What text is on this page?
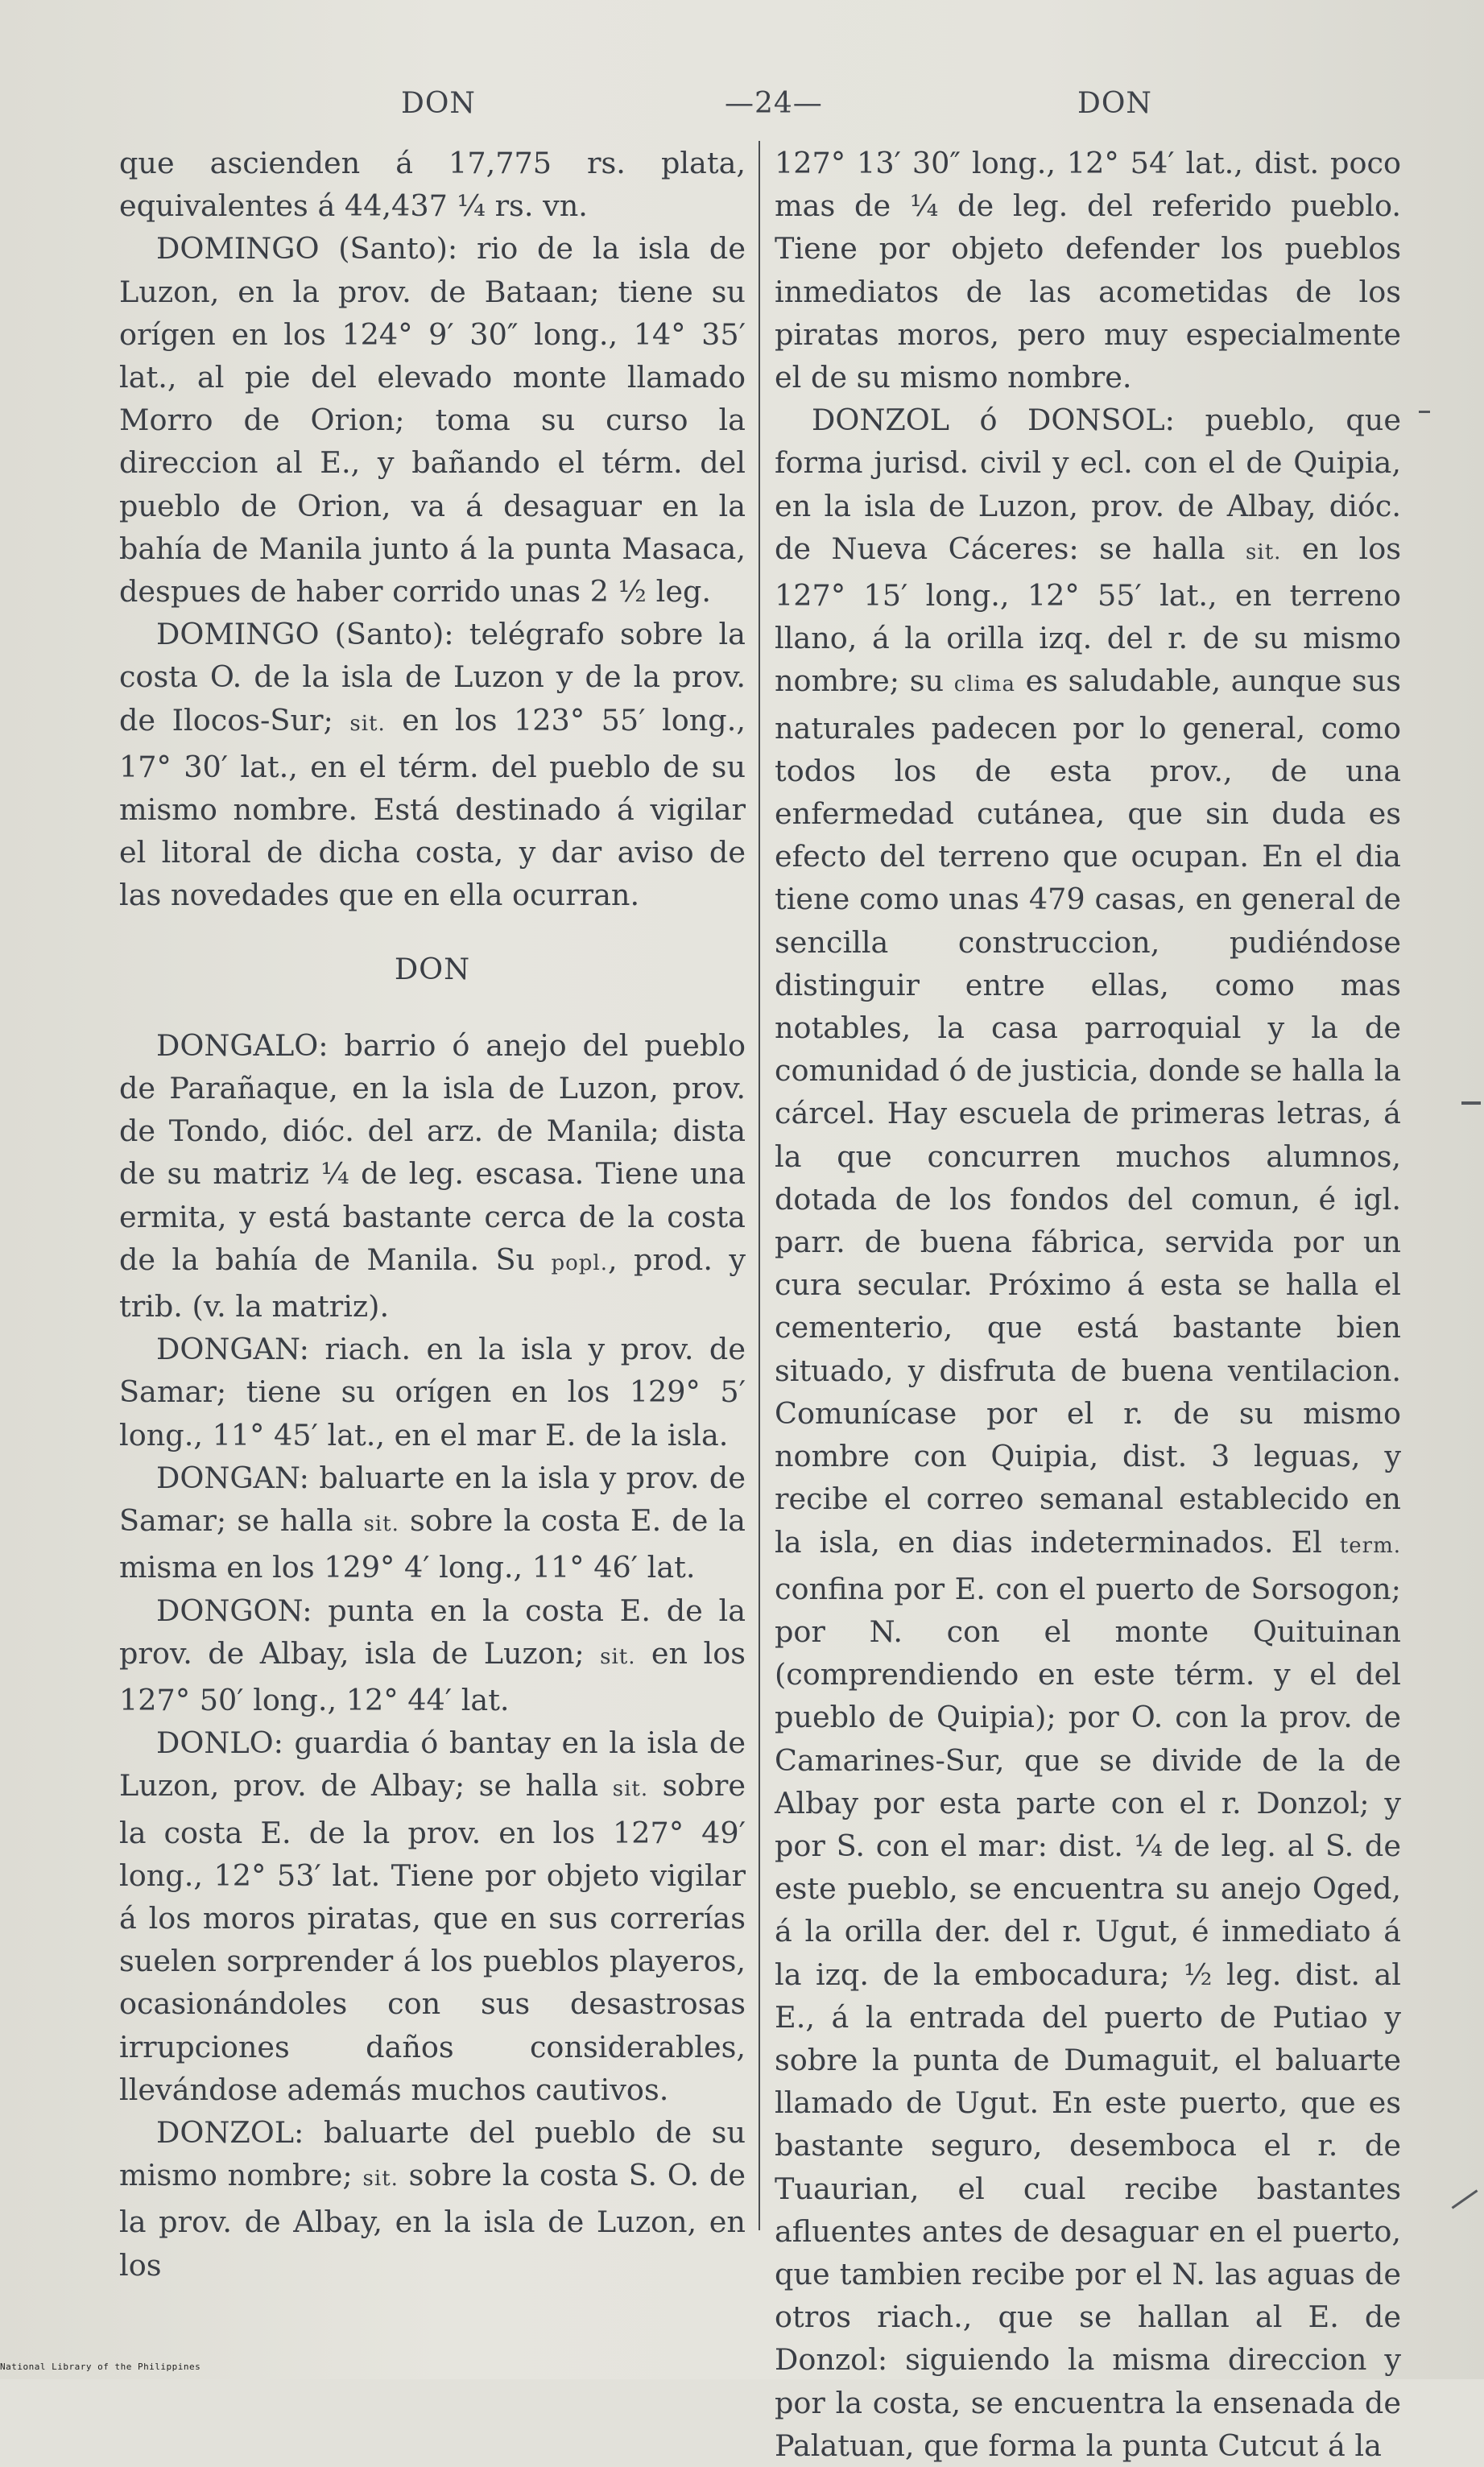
DON	—24—	DON

que ascienden á 17,775 rs. plata, equivalentes á 44,437 ¼ rs. vn.

DOMINGO (Santo): rio de la isla de Luzon, en la prov. de Bataan; tiene su orígen en los 124° 9′ 30″ long., 14° 35′ lat., al pie del elevado monte llamado Morro de Orion; toma su curso la direccion al E., y bañando el térm. del pueblo de Orion, va á desaguar en la bahía de Manila junto á la punta Masaca, despues de haber corrido unas 2 ½ leg.

DOMINGO (Santo): telégrafo sobre la costa O. de la isla de Luzon y de la prov. de Ilocos-Sur; sit. en los 123° 55′ long., 17° 30′ lat., en el térm. del pueblo de su mismo nombre. Está destinado á vigilar el litoral de dicha costa, y dar aviso de las novedades que en ella ocurran.

DON

DONGALO: barrio ó anejo del pueblo de Parañaque, en la isla de Luzon, prov. de Tondo, dióc. del arz. de Manila; dista de su matriz ¼ de leg. escasa. Tiene una ermita, y está bastante cerca de la costa de la bahía de Manila. Su popl., prod. y trib. (v. la matriz).

DONGAN: riach. en la isla y prov. de Samar; tiene su orígen en los 129° 5′ long., 11° 45′ lat., en el mar E. de la isla.

DONGAN: baluarte en la isla y prov. de Samar; se halla sit. sobre la costa E. de la misma en los 129° 4′ long., 11° 46′ lat.

DONGON: punta en la costa E. de la prov. de Albay, isla de Luzon; sit. en los 127° 50′ long., 12° 44′ lat.

DONLO: guardia ó bantay en la isla de Luzon, prov. de Albay; se halla sit. sobre la costa E. de la prov. en los 127° 49′ long., 12° 53′ lat. Tiene por objeto vigilar á los moros piratas, que en sus correrías suelen sorprender á los pueblos playeros, ocasionándoles con sus desastrosas irrupciones daños considerables, llevándose además muchos cautivos.

DONZOL: baluarte del pueblo de su mismo nombre; sit. sobre la costa S. O. de la prov. de Albay, en la isla de Luzon, en los

127° 13′ 30″ long., 12° 54′ lat., dist. poco mas de ¼ de leg. del referido pueblo. Tiene por objeto defender los pueblos inmediatos de las acometidas de los piratas moros, pero muy especialmente el de su mismo nombre.

DONZOL ó DONSOL: pueblo, que forma jurisd. civil y ecl. con el de Quipia, en la isla de Luzon, prov. de Albay, dióc. de Nueva Cáceres: se halla sit. en los 127° 15′ long., 12° 55′ lat., en terreno llano, á la orilla izq. del r. de su mismo nombre; su clima es saludable, aunque sus naturales padecen por lo general, como todos los de esta prov., de una enfermedad cutánea, que sin duda es efecto del terreno que ocupan. En el dia tiene como unas 479 casas, en general de sencilla construccion, pudiéndose distinguir entre ellas, como mas notables, la casa parroquial y la de comunidad ó de justicia, donde se halla la cárcel. Hay escuela de primeras letras, á la que concurren muchos alumnos, dotada de los fondos del comun, é igl. parr. de buena fábrica, servida por un cura secular. Próximo á esta se halla el cementerio, que está bastante bien situado, y disfruta de buena ventilacion. Comunícase por el r. de su mismo nombre con Quipia, dist. 3 leguas, y recibe el correo semanal establecido en la isla, en dias indeterminados. El term. confina por E. con el puerto de Sorsogon; por N. con el monte Quituinan (comprendiendo en este térm. y el del pueblo de Quipia); por O. con la prov. de Camarines-Sur, que se divide de la de Albay por esta parte con el r. Donzol; y por S. con el mar: dist. ¼ de leg. al S. de este pueblo, se encuentra su anejo Oged, á la orilla der. del r. Ugut, é inmediato á la izq. de la embocadura; ½ leg. dist. al E., á la entrada del puerto de Putiao y sobre la punta de Dumaguit, el baluarte llamado de Ugut. En este puerto, que es bastante seguro, desemboca el r. de Tuaurian, el cual recibe bastantes afluentes antes de desaguar en el puerto, que tambien recibe por el N. las aguas de otros riach., que se hallan al E. de Donzol: siguiendo la misma direccion y por la costa, se encuentra la ensenada de Palatuan, que forma la punta Cutcut á la

National Library of the Philippines
